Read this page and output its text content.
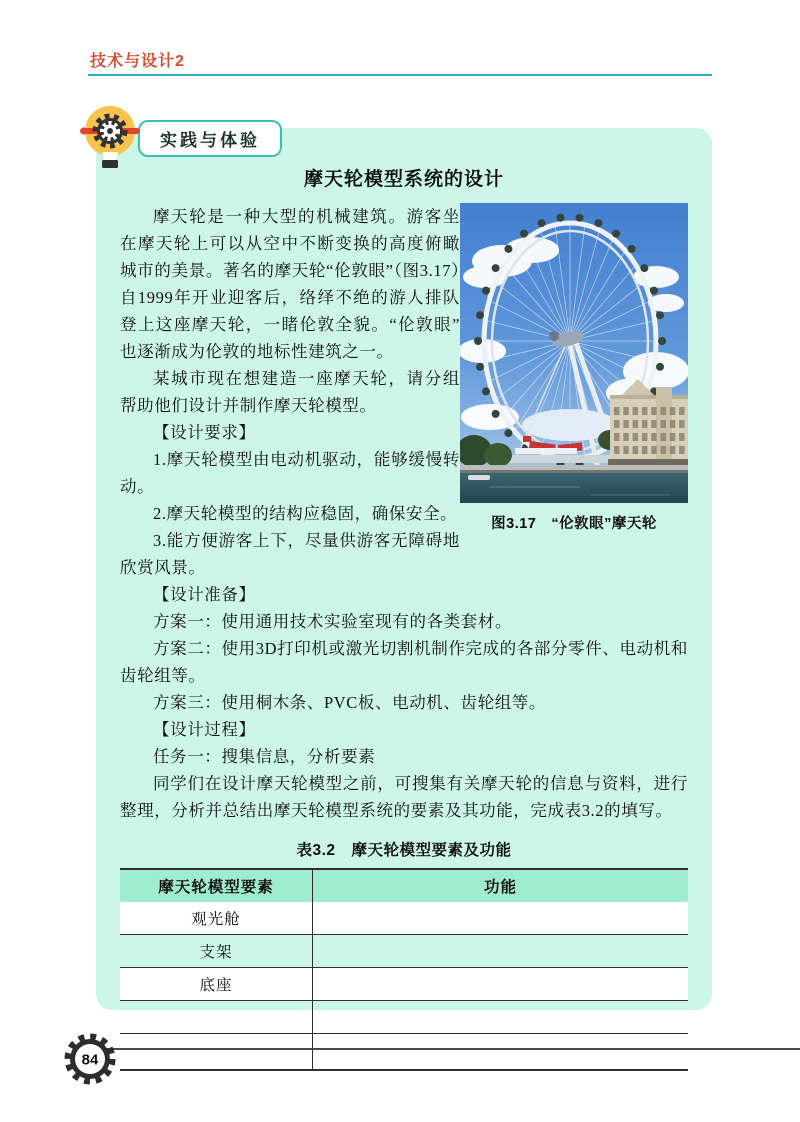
技术与设计2
实践与体验
摩天轮模型系统的设计
图3.17　“伦敦眼”摩天轮

摩天轮是一种大型的机械建筑。游客坐在摩天轮上可以从空中不断变换的高度俯瞰城市的美景。著名的摩天轮“伦敦眼”（图3.17）自1999年开业迎客后，络绎不绝的游人排队登上这座摩天轮，一睹伦敦全貌。“伦敦眼”也逐渐成为伦敦的地标性建筑之一。

某城市现在想建造一座摩天轮，请分组帮助他们设计并制作摩天轮模型。

【设计要求】

1.摩天轮模型由电动机驱动，能够缓慢转动。

2.摩天轮模型的结构应稳固，确保安全。

3.能方便游客上下，尽量供游客无障碍地欣赏风景。

【设计准备】

方案一：使用通用技术实验室现有的各类套材。

方案二：使用3D打印机或激光切割机制作完成的各部分零件、电动机和齿轮组等。

方案三：使用桐木条、PVC板、电动机、齿轮组等。

【设计过程】

任务一：搜集信息，分析要素

同学们在设计摩天轮模型之前，可搜集有关摩天轮的信息与资料，进行整理，分析并总结出摩天轮模型系统的要素及其功能，完成表3.2的填写。

表3.2　摩天轮模型要素及功能
摩天轮模型要素	功能
观光舱	
支架	
底座	

84
